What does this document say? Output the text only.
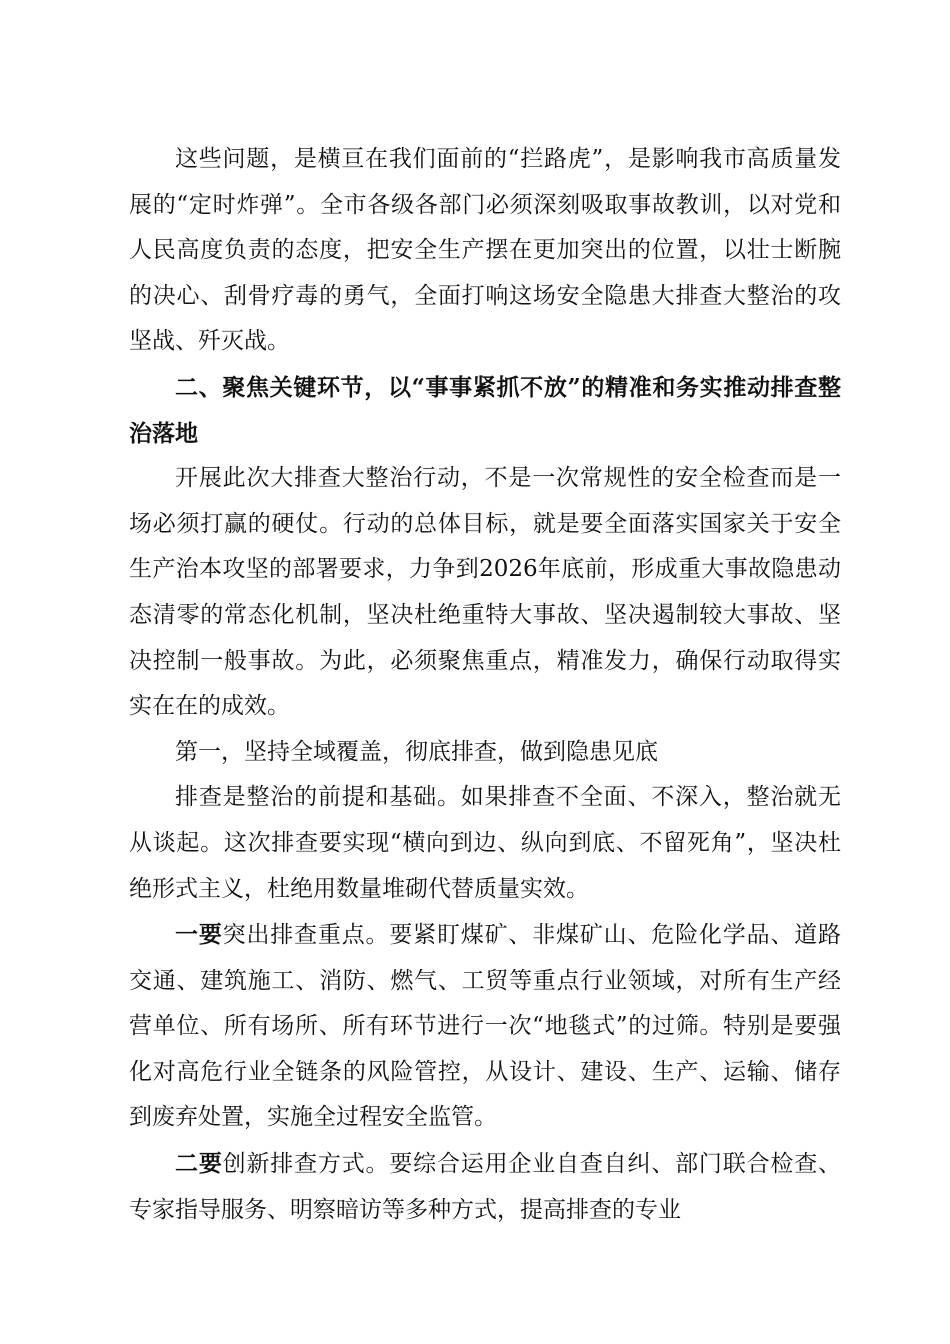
这些问题，是横亘在我们面前的“拦路虎”，是影响我市高质量发展的“定时炸弹”。全市各级各部门必须深刻吸取事故教训，以对党和人民高度负责的态度，把安全生产摆在更加突出的位置，以壮士断腕的决心、刮骨疗毒的勇气，全面打响这场安全隐患大排查大整治的攻坚战、歼灭战。

二、聚焦关键环节，以“事事紧抓不放”的精准和务实推动排查整治落地

开展此次大排查大整治行动，不是一次常规性的安全检查而是一场必须打赢的硬仗。行动的总体目标，就是要全面落实国家关于安全生产治本攻坚的部署要求，力争到2026年底前，形成重大事故隐患动态清零的常态化机制，坚决杜绝重特大事故、坚决遏制较大事故、坚决控制一般事故。为此，必须聚焦重点，精准发力，确保行动取得实实在在的成效。

第一，坚持全域覆盖，彻底排查，做到隐患见底

排查是整治的前提和基础。如果排查不全面、不深入，整治就无从谈起。这次排查要实现“横向到边、纵向到底、不留死角”，坚决杜绝形式主义，杜绝用数量堆砌代替质量实效。

一要突出排查重点。要紧盯煤矿、非煤矿山、危险化学品、道路交通、建筑施工、消防、燃气、工贸等重点行业领域，对所有生产经营单位、所有场所、所有环节进行一次“地毯式”的过筛。特别是要强化对高危行业全链条的风险管控，从设计、建设、生产、运输、储存到废弃处置，实施全过程安全监管。

二要创新排查方式。要综合运用企业自查自纠、部门联合检查、专家指导服务、明察暗访等多种方式，提高排查的专业
